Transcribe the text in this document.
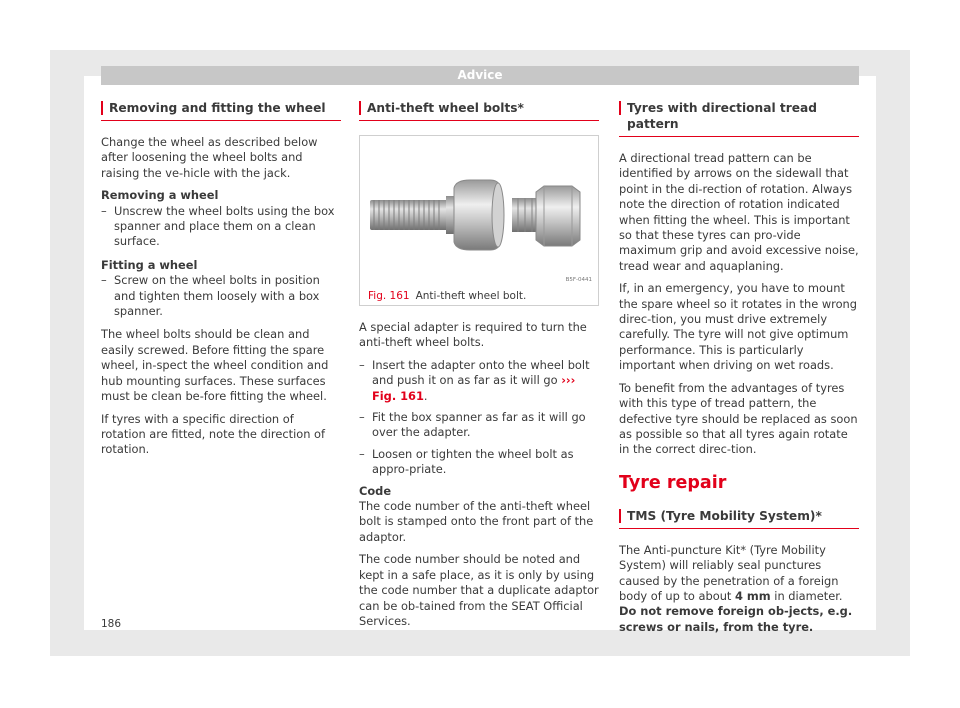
Advice
Removing and fitting the wheel

Change the wheel as described below after loosening the wheel bolts and raising the ve-hicle with the jack.

Removing a wheel
– Unscrew the wheel bolts using the box spanner and place them on a clean surface.
Fitting a wheel
– Screw on the wheel bolts in position and tighten them loosely with a box spanner.

The wheel bolts should be clean and easily screwed. Before fitting the spare wheel, in-spect the wheel condition and hub mounting surfaces. These surfaces must be clean be-fore fitting the wheel.

If tyres with a specific direction of rotation are fitted, note the direction of rotation.

Anti-theft wheel bolts*
B5F-0441
Fig. 161 Anti-theft wheel bolt.

A special adapter is required to turn the anti-theft wheel bolts.

– Insert the adapter onto the wheel bolt and push it on as far as it will go ››› Fig. 161.
– Fit the box spanner as far as it will go over the adapter.
– Loosen or tighten the wheel bolt as appro-priate.
Code

The code number of the anti-theft wheel bolt is stamped onto the front part of the adaptor.

The code number should be noted and kept in a safe place, as it is only by using the code number that a duplicate adaptor can be ob-tained from the SEAT Official Services.

Tyres with directional tread pattern

A directional tread pattern can be identified by arrows on the sidewall that point in the di-rection of rotation. Always note the direction of rotation indicated when fitting the wheel. This is important so that these tyres can pro-vide maximum grip and avoid excessive noise, tread wear and aquaplaning.

If, in an emergency, you have to mount the spare wheel so it rotates in the wrong direc-tion, you must drive extremely carefully. The tyre will not give optimum performance. This is particularly important when driving on wet roads.

To benefit from the advantages of tyres with this type of tread pattern, the defective tyre should be replaced as soon as possible so that all tyres again rotate in the correct direc-tion.

Tyre repair
TMS (Tyre Mobility System)*

The Anti-puncture Kit* (Tyre Mobility System) will reliably seal punctures caused by the penetration of a foreign body of up to about 4 mm in diameter. Do not remove foreign ob-jects, e.g. screws or nails, from the tyre.

186
